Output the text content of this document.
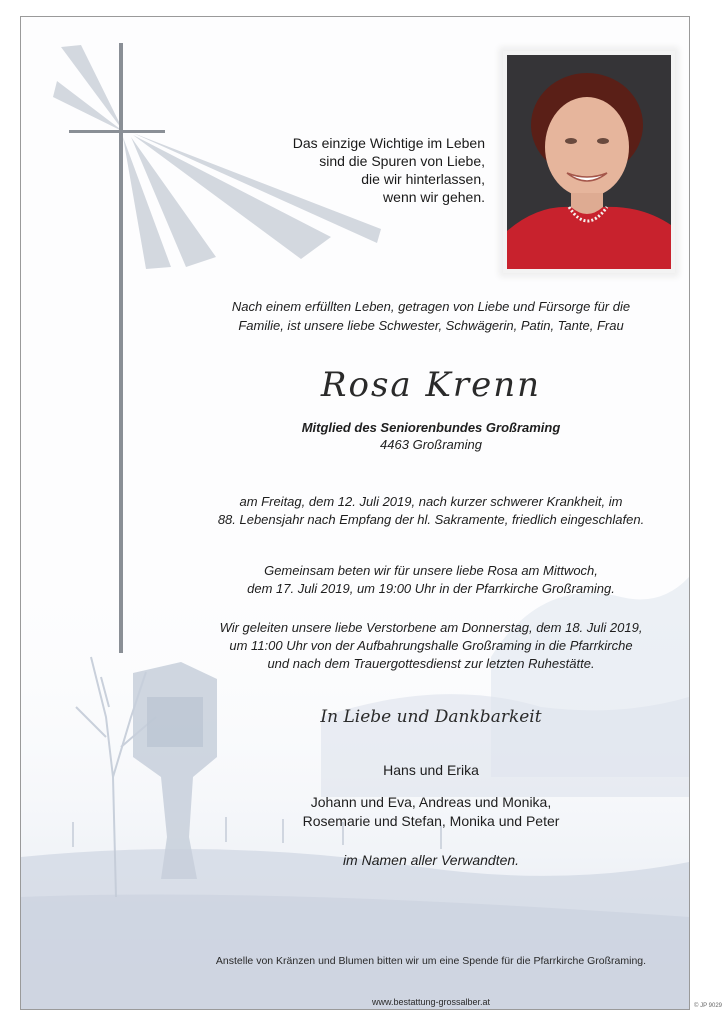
Das einzige Wichtige im Leben
sind die Spuren von Liebe,
die wir hinterlassen,
wenn wir gehen.
Nach einem erfüllten Leben, getragen von Liebe und Fürsorge für die
Familie, ist unsere liebe Schwester, Schwägerin, Patin, Tante, Frau
Rosa Krenn
Mitglied des Seniorenbundes Großraming
4463 Großraming
am Freitag, dem 12. Juli 2019, nach kurzer schwerer Krankheit, im
88. Lebensjahr nach Empfang der hl. Sakramente, friedlich eingeschlafen.
Gemeinsam beten wir für unsere liebe Rosa am Mittwoch,
dem 17. Juli 2019, um 19:00 Uhr in der Pfarrkirche Großraming.
Wir geleiten unsere liebe Verstorbene am Donnerstag, dem 18. Juli 2019,
um 11:00 Uhr von der Aufbahrungshalle Großraming in die Pfarrkirche
und nach dem Trauergottesdienst zur letzten Ruhestätte.
In Liebe und Dankbarkeit
Hans und Erika
Johann und Eva, Andreas und Monika,
Rosemarie und Stefan, Monika und Peter
im Namen aller Verwandten.
Anstelle von Kränzen und Blumen bitten wir um eine Spende für die Pfarrkirche Großraming.
www.bestattung-grossalber.at	© JP 9029
